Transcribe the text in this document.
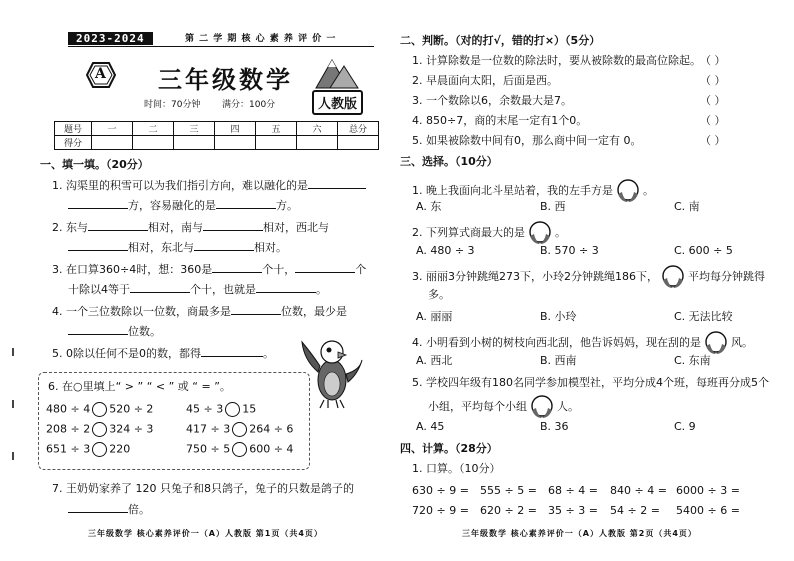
2023-2024	第 二 学 期 核 心 素 养 评 价 一
A 三年级数学
人教版
时间：70分钟 满分：100分
题号	一	二	三	四	五	六	总分
得分							
一、填一填。（20分）
1. 沟渠里的积雪可以为我们指引方向，难以融化的是
方，容易融化的是	方。
2. 东与	相对，南与	相对，西北与
相对，东北与	相对。
3. 在口算360÷4时，想：360是	个十，	个
十除以4等于	个十，也就是	。
4. 一个三位数除以一位数，商最多是	位数，最少是
位数。
5. 0除以任何不是0的数，都得	。
6. 在○里填上“ > ” “ < ” 或 “ = ”。
480 ÷ 4 520 ÷ 2	45 ÷ 3 15
208 ÷ 2 324 ÷ 3	417 ÷ 3 264 ÷ 6
651 ÷ 3 220	750 ÷ 5 600 ÷ 4
7. 王奶奶家养了 120 只兔子和8只鸽子，兔子的只数是鸽子的
倍。
三年级数学 核心素养评价一（A）人教版 第1页（共4页）
二、判断。（对的打√，错的打×）（5分）
1. 计算除数是一位数的除法时，要从被除数的最高位除起。 （ ）
2. 早晨面向太阳，后面是西。	（ ）
3. 一个数除以6，余数最大是7。	（ ）
4. 850÷7，商的末尾一定有1个0。	（ ）
5. 如果被除数中间有0，那么商中间一定有 0。	（ ）
三、选择。（10分）
1. 晚上我面向北斗星站着，我的左手方是	。
A. 东	B. 西	C. 南
2. 下列算式商最大的是	。
A. 480 ÷ 3	B. 570 ÷ 3	C. 600 ÷ 5
3. 丽丽3分钟跳绳273下，小玲2分钟跳绳186下，	平均每分钟跳得
多。
A. 丽丽	B. 小玲	C. 无法比较
4. 小明看到小树的树枝向西北刮，他告诉妈妈，现在刮的是	风。
A. 西北	B. 西南	C. 东南
5. 学校四年级有180名同学参加模型社，平均分成4个班，每班再分成5个
小组，平均每个小组	人。
A. 45	B. 36	C. 9
四、计算。（28分）
1. 口算。（10分）
630 ÷ 9 = 555 ÷ 5 = 68 ÷ 4 = 840 ÷ 4 = 6000 ÷ 3 =
720 ÷ 9 = 620 ÷ 2 = 35 ÷ 3 = 54 ÷ 2 = 5400 ÷ 6 =
三年级数学 核心素养评价一（A）人教版 第2页（共4页）
